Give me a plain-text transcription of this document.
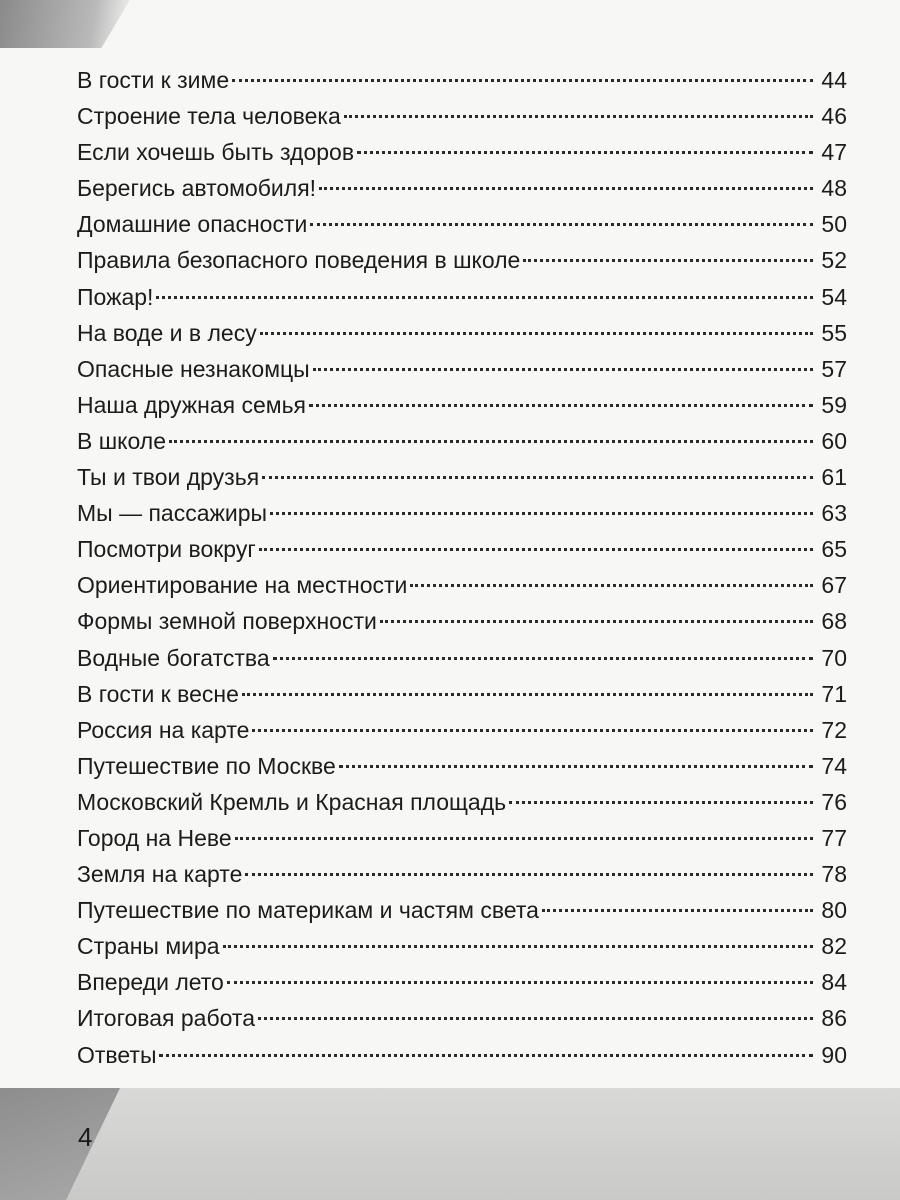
В гости к зиме	44
Строение тела человека	46
Если хочешь быть здоров	47
Берегись автомобиля!	48
Домашние опасности	50
Правила безопасного поведения в школе	52
Пожар!	54
На воде и в лесу	55
Опасные незнакомцы	57
Наша дружная семья	59
В школе	60
Ты и твои друзья	61
Мы — пассажиры	63
Посмотри вокруг	65
Ориентирование на местности	67
Формы земной поверхности	68
Водные богатства	70
В гости к весне	71
Россия на карте	72
Путешествие по Москве	74
Московский Кремль и Красная площадь	76
Город на Неве	77
Земля на карте	78
Путешествие по материкам и частям света	80
Страны мира	82
Впереди лето	84
Итоговая работа	86
Ответы	90
4
